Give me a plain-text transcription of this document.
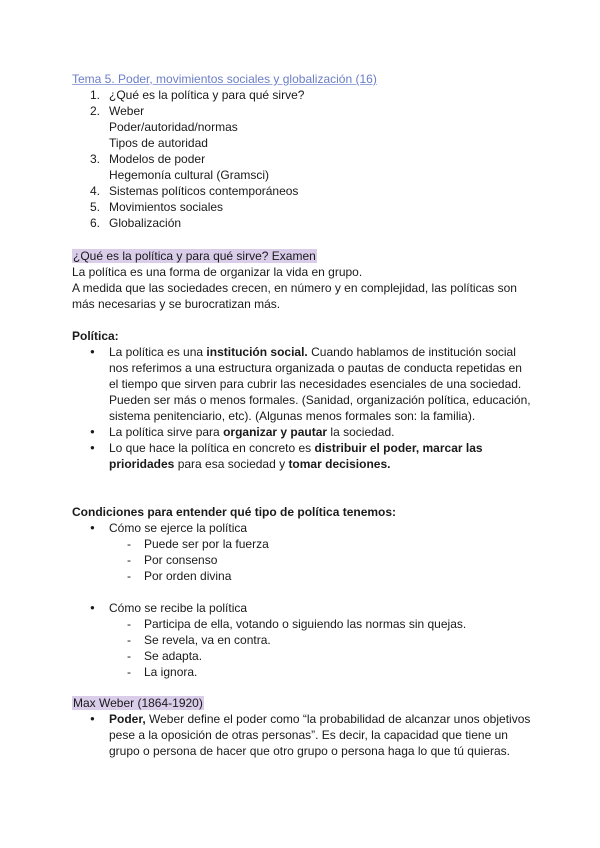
Tema 5. Poder, movimientos sociales y globalización (16)
1. ¿Qué es la política y para qué sirve?
2. Weber
Poder/autoridad/normas
Tipos de autoridad
3. Modelos de poder
Hegemonía cultural (Gramsci)
4. Sistemas políticos contemporáneos
5. Movimientos sociales
6. Globalización
¿Qué es la política y para qué sirve? Examen
La política es una forma de organizar la vida en grupo.
A medida que las sociedades crecen, en número y en complejidad, las políticas son más necesarias y se burocratizan más.
Política:
● La política es una institución social. Cuando hablamos de institución social nos referimos a una estructura organizada o pautas de conducta repetidas en el tiempo que sirven para cubrir las necesidades esenciales de una sociedad. Pueden ser más o menos formales. (Sanidad, organización política, educación, sistema penitenciario, etc). (Algunas menos formales son: la familia).
● La política sirve para organizar y pautar la sociedad.
● Lo que hace la política en concreto es distribuir el poder, marcar las prioridades para esa sociedad y tomar decisiones.
Condiciones para entender qué tipo de política tenemos:
● Cómo se ejerce la política
- Puede ser por la fuerza
- Por consenso
- Por orden divina
● Cómo se recibe la política
- Participa de ella, votando o siguiendo las normas sin quejas.
- Se revela, va en contra.
- Se adapta.
- La ignora.
Max Weber (1864-1920)
● Poder, Weber define el poder como “la probabilidad de alcanzar unos objetivos pese a la oposición de otras personas”. Es decir, la capacidad que tiene un grupo o persona de hacer que otro grupo o persona haga lo que tú quieras.
